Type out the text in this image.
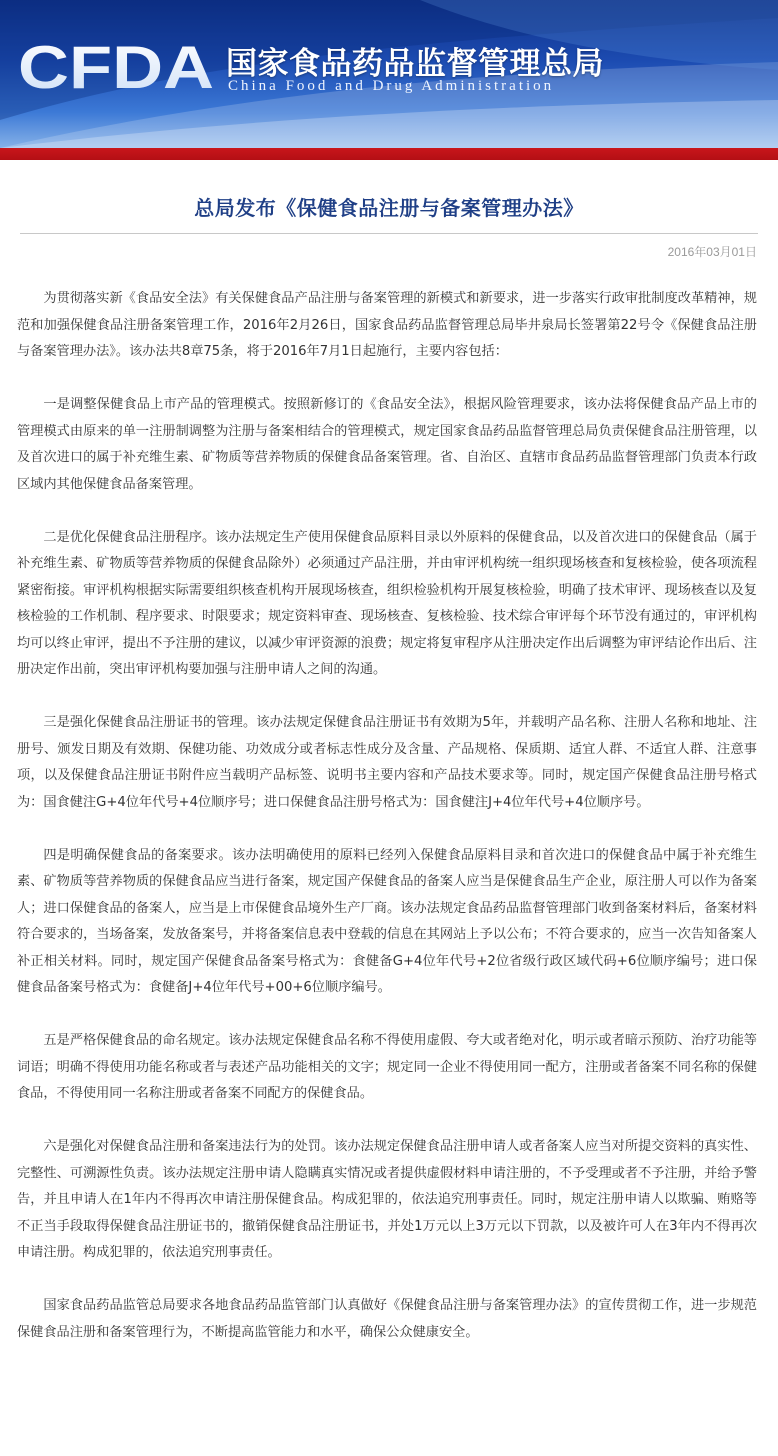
CFDA 国家食品药品监督管理总局
China Food and Drug Administration
总局发布《保健食品注册与备案管理办法》
2016年03月01日

为贯彻落实新《食品安全法》有关保健食品产品注册与备案管理的新模式和新要求，进一步落实行政审批制度改革精神，规范和加强保健食品注册备案管理工作，2016年2月26日，国家食品药品监督管理总局毕井泉局长签署第22号令《保健食品注册与备案管理办法》。该办法共8章75条，将于2016年7月1日起施行，主要内容包括：

一是调整保健食品上市产品的管理模式。按照新修订的《食品安全法》，根据风险管理要求，该办法将保健食品产品上市的管理模式由原来的单一注册制调整为注册与备案相结合的管理模式，规定国家食品药品监督管理总局负责保健食品注册管理，以及首次进口的属于补充维生素、矿物质等营养物质的保健食品备案管理。省、自治区、直辖市食品药品监督管理部门负责本行政区域内其他保健食品备案管理。

二是优化保健食品注册程序。该办法规定生产使用保健食品原料目录以外原料的保健食品，以及首次进口的保健食品（属于补充维生素、矿物质等营养物质的保健食品除外）必须通过产品注册，并由审评机构统一组织现场核查和复核检验，使各项流程紧密衔接。审评机构根据实际需要组织核查机构开展现场核查，组织检验机构开展复核检验，明确了技术审评、现场核查以及复核检验的工作机制、程序要求、时限要求；规定资料审查、现场核查、复核检验、技术综合审评每个环节没有通过的，审评机构均可以终止审评，提出不予注册的建议，以减少审评资源的浪费；规定将复审程序从注册决定作出后调整为审评结论作出后、注册决定作出前，突出审评机构要加强与注册申请人之间的沟通。

三是强化保健食品注册证书的管理。该办法规定保健食品注册证书有效期为5年，并载明产品名称、注册人名称和地址、注册号、颁发日期及有效期、保健功能、功效成分或者标志性成分及含量、产品规格、保质期、适宜人群、不适宜人群、注意事项，以及保健食品注册证书附件应当载明产品标签、说明书主要内容和产品技术要求等。同时，规定国产保健食品注册号格式为：国食健注G+4位年代号+4位顺序号；进口保健食品注册号格式为：国食健注J+4位年代号+4位顺序号。

四是明确保健食品的备案要求。该办法明确使用的原料已经列入保健食品原料目录和首次进口的保健食品中属于补充维生素、矿物质等营养物质的保健食品应当进行备案，规定国产保健食品的备案人应当是保健食品生产企业，原注册人可以作为备案人；进口保健食品的备案人，应当是上市保健食品境外生产厂商。该办法规定食品药品监督管理部门收到备案材料后，备案材料符合要求的，当场备案，发放备案号，并将备案信息表中登载的信息在其网站上予以公布；不符合要求的，应当一次告知备案人补正相关材料。同时，规定国产保健食品备案号格式为：食健备G+4位年代号+2位省级行政区域代码+6位顺序编号；进口保健食品备案号格式为：食健备J+4位年代号+00+6位顺序编号。

五是严格保健食品的命名规定。该办法规定保健食品名称不得使用虚假、夸大或者绝对化，明示或者暗示预防、治疗功能等词语；明确不得使用功能名称或者与表述产品功能相关的文字；规定同一企业不得使用同一配方，注册或者备案不同名称的保健食品，不得使用同一名称注册或者备案不同配方的保健食品。

六是强化对保健食品注册和备案违法行为的处罚。该办法规定保健食品注册申请人或者备案人应当对所提交资料的真实性、完整性、可溯源性负责。该办法规定注册申请人隐瞒真实情况或者提供虚假材料申请注册的，不予受理或者不予注册，并给予警告，并且申请人在1年内不得再次申请注册保健食品。构成犯罪的，依法追究刑事责任。同时，规定注册申请人以欺骗、贿赂等不正当手段取得保健食品注册证书的，撤销保健食品注册证书，并处1万元以上3万元以下罚款，以及被许可人在3年内不得再次申请注册。构成犯罪的，依法追究刑事责任。

国家食品药品监管总局要求各地食品药品监管部门认真做好《保健食品注册与备案管理办法》的宣传贯彻工作，进一步规范保健食品注册和备案管理行为，不断提高监管能力和水平，确保公众健康安全。
